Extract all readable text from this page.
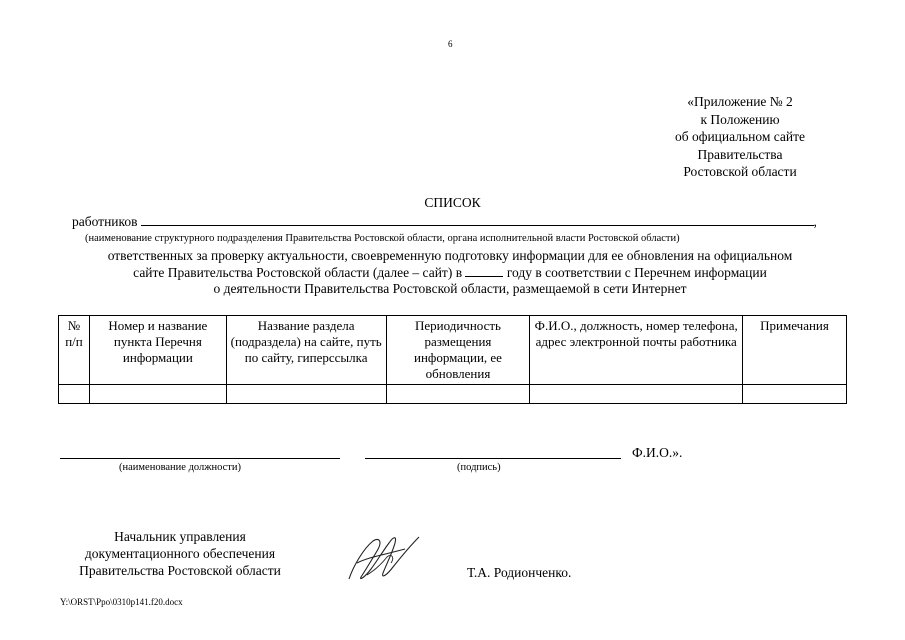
6
«Приложение № 2
к Положению
об официальном сайте
Правительства
Ростовской области
СПИСОК
работников	,
(наименование структурного подразделения Правительства Ростовской области, органа исполнительной власти Ростовской области)
ответственных за проверку актуальности, своевременную подготовку информации для ее обновления на официальном
сайте Правительства Ростовской области (далее – сайт) в	году в соответствии с Перечнем информации
о деятельности Правительства Ростовской области, размещаемой в сети Интернет
№ п/п	Номер и название пункта Перечня информации	Название раздела (подраздела) на сайте, путь по сайту, гиперссылка	Периодичность размещения информации, ее обновления	Ф.И.О., должность, номер телефона, адрес электронной почты работника	Примечания

Ф.И.О.».
(наименование должности)	(подпись)
Начальник управления
документационного обеспечения
Правительства Ростовской области	Т.А. Родионченко.
Y:\ORST\Ppo\0310p141.f20.docx
